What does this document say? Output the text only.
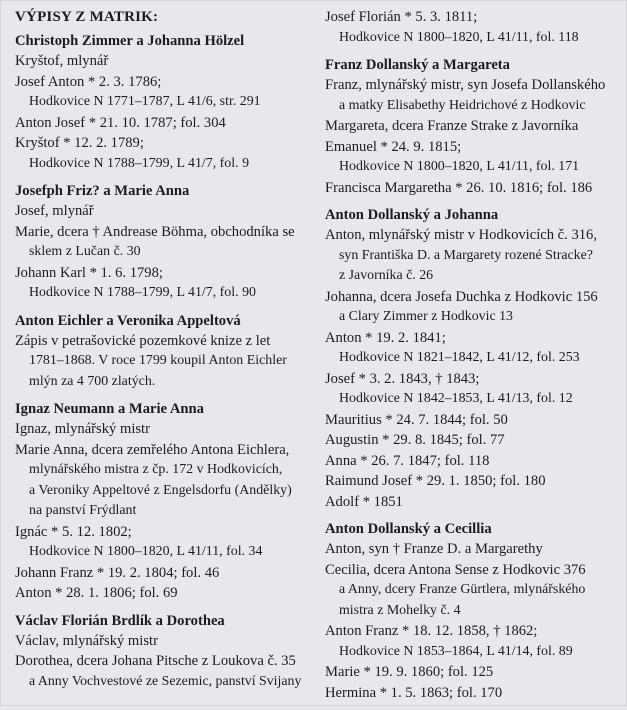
VÝPISY Z MATRIK:
Christoph Zimmer a Johanna Hölzel
Kryštof, mlynář
Josef Anton * 2. 3. 1786;
Hodkovice N 1771–1787, L 41/6, str. 291
Anton Josef * 21. 10. 1787; fol. 304
Kryštof * 12. 2. 1789;
Hodkovice N 1788–1799, L 41/7, fol. 9
Josefph Friz? a Marie Anna
Josef, mlynář
Marie, dcera † Andrease Böhma, obchodníka se
sklem z Lučan č. 30
Johann Karl * 1. 6. 1798;
Hodkovice N 1788–1799, L 41/7, fol. 90
Anton Eichler a Veronika Appeltová
Zápis v petrašovické pozemkové knize z let
1781–1868. V roce 1799 koupil Anton Eichler
mlýn za 4 700 zlatých.
Ignaz Neumann a Marie Anna
Ignaz, mlynářský mistr
Marie Anna, dcera zemřelého Antona Eichlera,
mlynářského mistra z čp. 172 v Hodkovicích,
a Veroniky Appeltové z Engelsdorfu (Andělky)
na panství Frýdlant
Ignác * 5. 12. 1802;
Hodkovice N 1800–1820, L 41/11, fol. 34
Johann Franz * 19. 2. 1804; fol. 46
Anton * 28. 1. 1806; fol. 69
Václav Florián Brdlík a Dorothea
Václav, mlynářský mistr
Dorothea, dcera Johana Pitsche z Loukova č. 35
a Anny Vochvestové ze Sezemic, panství Svijany
Josef Florián * 5. 3. 1811;
Hodkovice N 1800–1820, L 41/11, fol. 118
Franz Dollanský a Margareta
Franz, mlynářský mistr, syn Josefa Dollanského
a matky Elisabethy Heidrichové z Hodkovic
Margareta, dcera Franze Strake z Javorníka
Emanuel * 24. 9. 1815;
Hodkovice N 1800–1820, L 41/11, fol. 171
Francisca Margaretha * 26. 10. 1816; fol. 186
Anton Dollanský a Johanna
Anton, mlynářský mistr v Hodkovicích č. 316,
syn Františka D. a Margarety rozené Stracke?
z Javorníka č. 26
Johanna, dcera Josefa Duchka z Hodkovic 156
a Clary Zimmer z Hodkovic 13
Anton * 19. 2. 1841;
Hodkovice N 1821–1842, L 41/12, fol. 253
Josef * 3. 2. 1843, † 1843;
Hodkovice N 1842–1853, L 41/13, fol. 12
Mauritius * 24. 7. 1844; fol. 50
Augustin * 29. 8. 1845; fol. 77
Anna * 26. 7. 1847; fol. 118
Raimund Josef * 29. 1. 1850; fol. 180
Adolf * 1851
Anton Dollanský a Cecillia
Anton, syn † Franze D. a Margarethy
Cecilia, dcera Antona Sense z Hodkovic 376
a Anny, dcery Franze Gürtlera, mlynářského
mistra z Mohelky č. 4
Anton Franz * 18. 12. 1858, † 1862;
Hodkovice N 1853–1864, L 41/14, fol. 89
Marie * 19. 9. 1860; fol. 125
Hermina * 1. 5. 1863; fol. 170
